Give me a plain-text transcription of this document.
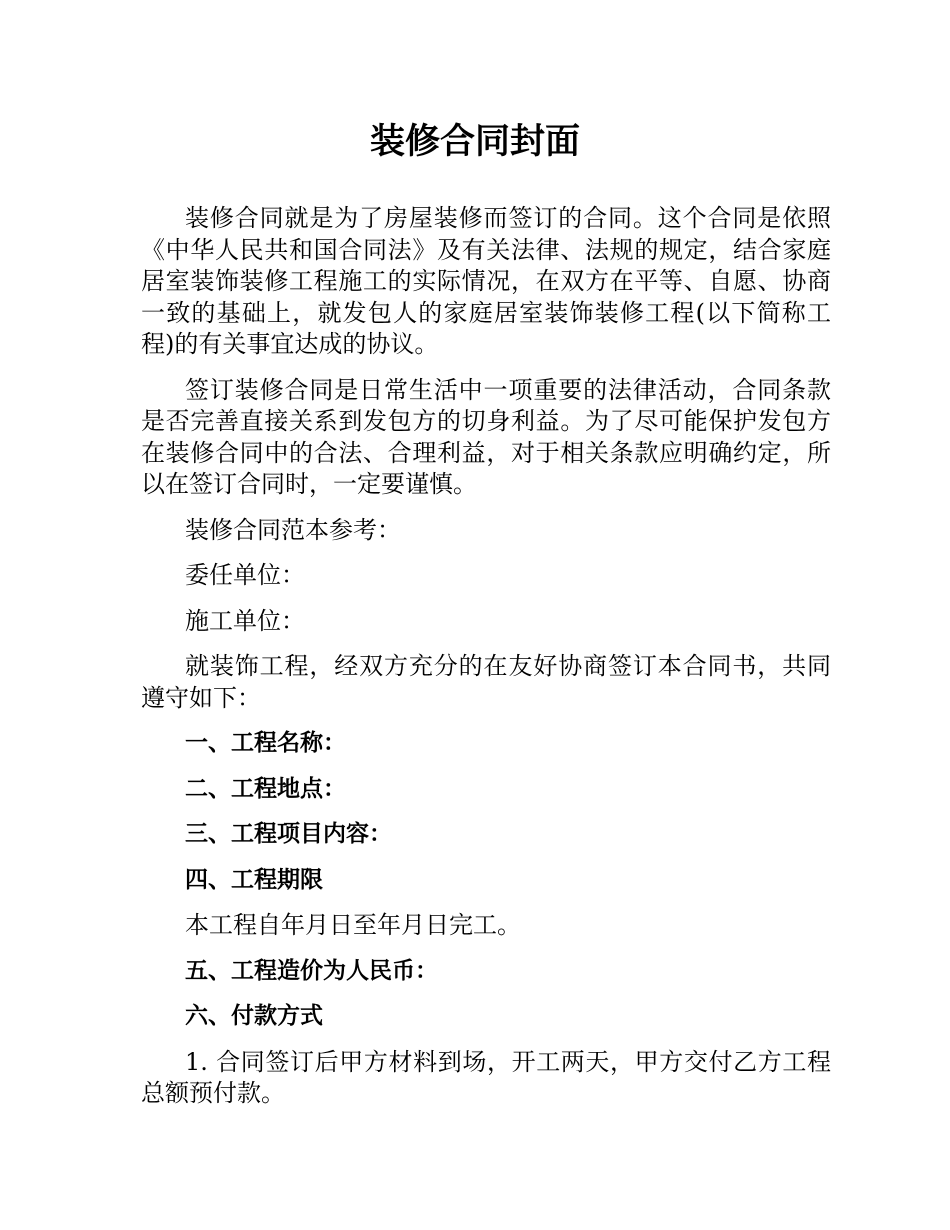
装修合同封面

装修合同就是为了房屋装修而签订的合同。这个合同是依照《中华人民共和国合同法》及有关法律、法规的规定，结合家庭居室装饰装修工程施工的实际情况，在双方在平等、自愿、协商一致的基础上，就发包人的家庭居室装饰装修工程(以下简称工程)的有关事宜达成的协议。

签订装修合同是日常生活中一项重要的法律活动，合同条款是否完善直接关系到发包方的切身利益。为了尽可能保护发包方在装修合同中的合法、合理利益，对于相关条款应明确约定，所以在签订合同时，一定要谨慎。

装修合同范本参考：

委任单位：

施工单位：

就装饰工程，经双方充分的在友好协商签订本合同书，共同遵守如下：

一、工程名称：

二、工程地点：

三、工程项目内容：

四、工程期限

本工程自年月日至年月日完工。

五、工程造价为人民币：

六、付款方式

1. 合同签订后甲方材料到场，开工两天，甲方交付乙方工程总额预付款。
